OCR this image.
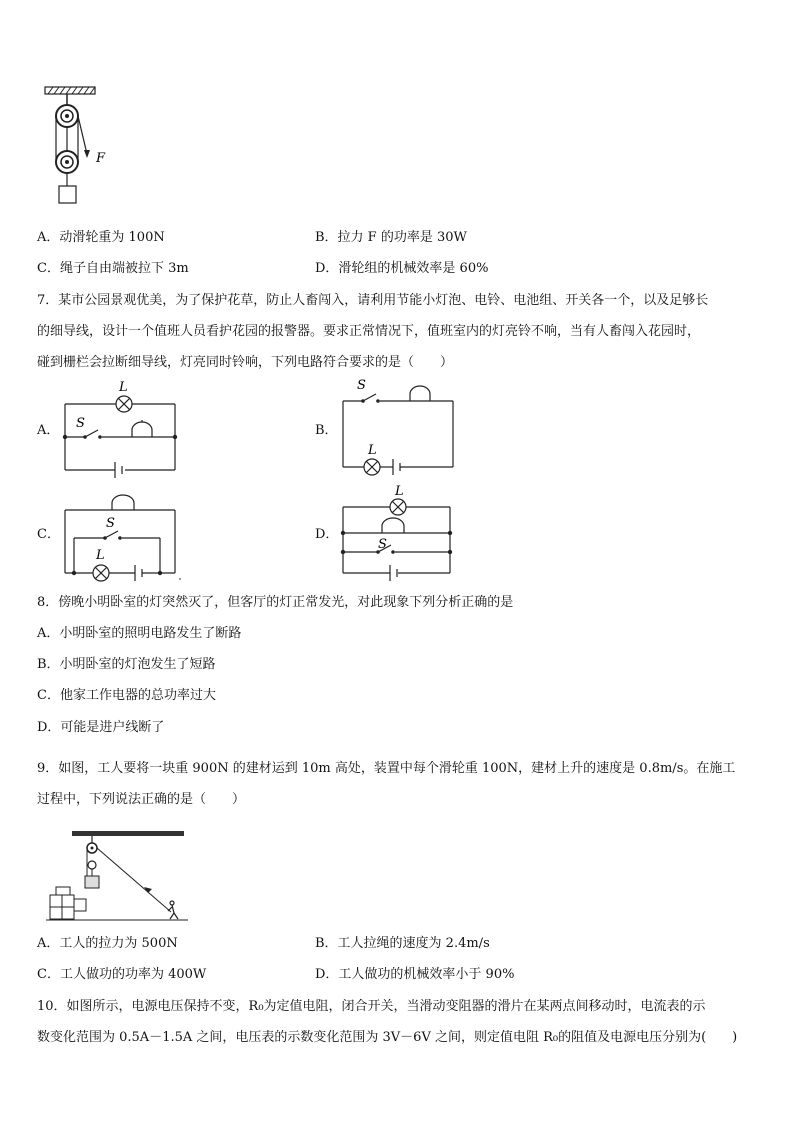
F
A．动滑轮重为 100N	B．拉力 F 的功率是 30W
C．绳子自由端被拉下 3m	D．滑轮组的机械效率是 60%
7．某市公园景观优美，为了保护花草，防止人畜闯入，请利用节能小灯泡、电铃、电池组、开关各一个，以及足够长
的细导线，设计一个值班人员看护花园的报警器。要求正常情况下，值班室内的灯亮铃不响，当有人畜闯入花园时，
碰到栅栏会拉断细导线，灯亮同时铃响，下列电路符合要求的是（　　）
A．	B．
C．	D．
L
S
S
L
S
L
L
S
8．傍晚小明卧室的灯突然灭了，但客厅的灯正常发光，对此现象下列分析正确的是
A．小明卧室的照明电路发生了断路
B．小明卧室的灯泡发生了短路
C．他家工作电器的总功率过大
D．可能是进户线断了
9．如图，工人要将一块重 900N 的建材运到 10m 高处，装置中每个滑轮重 100N，建材上升的速度是 0.8m/s。在施工
过程中，下列说法正确的是（　　）
A．工人的拉力为 500N	B．工人拉绳的速度为 2.4m/s
C．工人做功的功率为 400W	D．工人做功的机械效率小于 90%
10．如图所示，电源电压保持不变，R₀为定值电阻，闭合开关，当滑动变阻器的滑片在某两点间移动时，电流表的示
数变化范围为 0.5A－1.5A 之间，电压表的示数变化范围为 3V－6V 之间，则定值电阻 R₀的阻值及电源电压分别为(　　)
